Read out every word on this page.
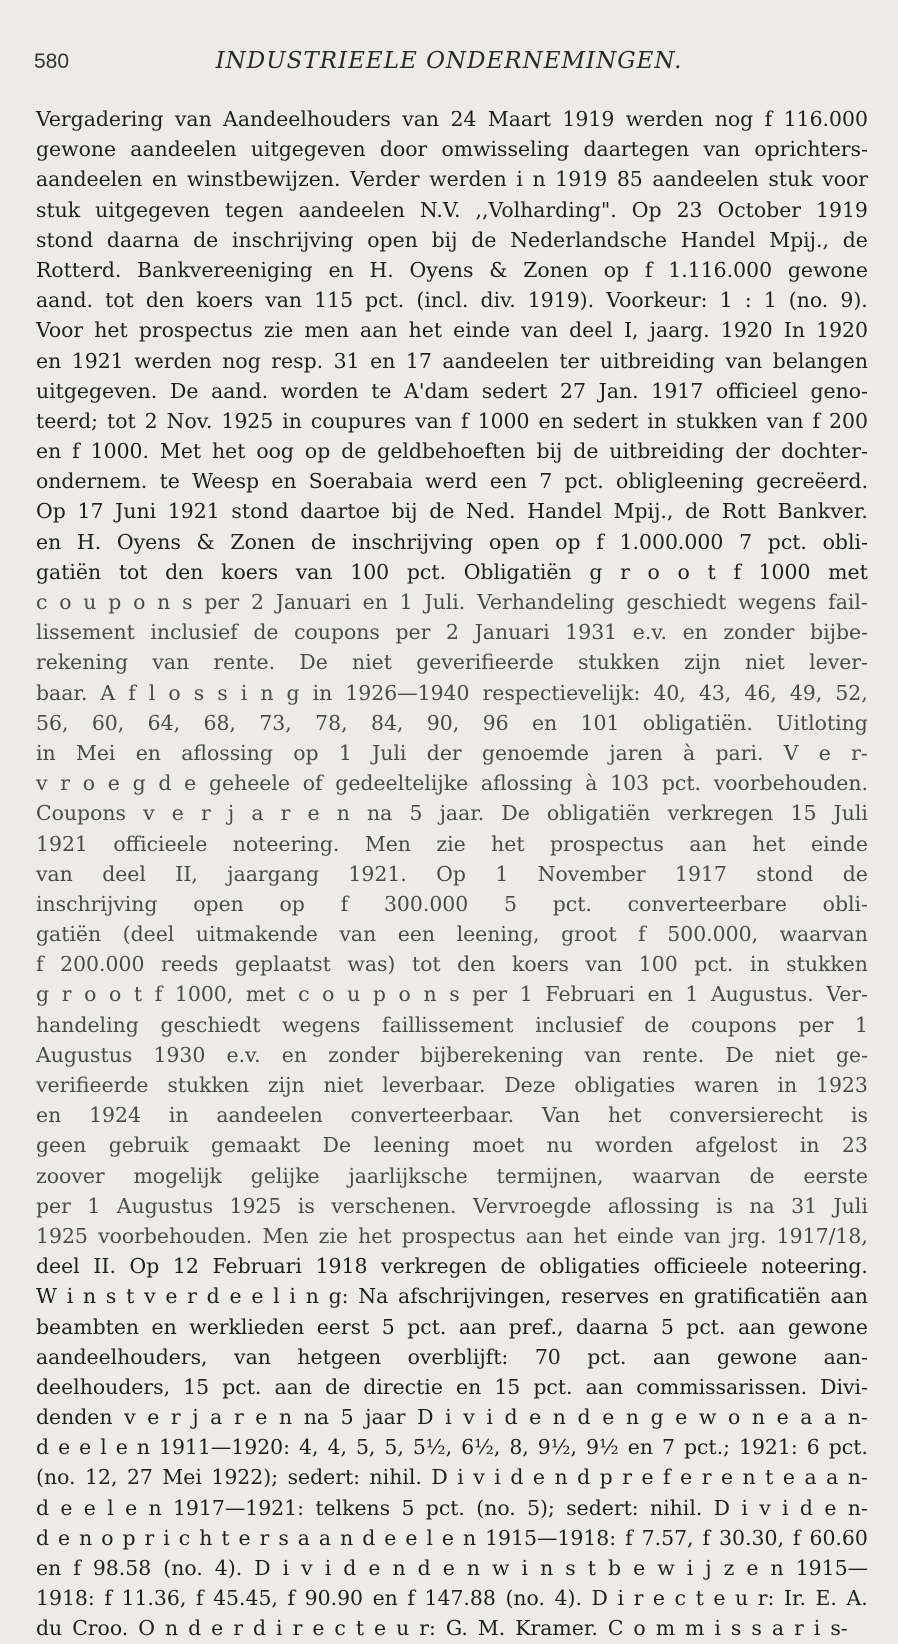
580	INDUSTRIEELE ONDERNEMINGEN.
Vergadering van Aandeelhouders van 24 Maart 1919 werden nog f 116.000
gewone aandeelen uitgegeven door omwisseling daartegen van oprichters-
aandeelen en winstbewijzen. Verder werden i n 1919 85 aandeelen stuk voor
stuk uitgegeven tegen aandeelen N.V. ,,Volharding". Op 23 October 1919
stond daarna de inschrijving open bij de Nederlandsche Handel Mpij., de
Rotterd. Bankvereeniging en H. Oyens & Zonen op f 1.116.000 gewone
aand. tot den koers van 115 pct. (incl. div. 1919). Voorkeur: 1 : 1 (no. 9).
Voor het prospectus zie men aan het einde van deel I, jaarg. 1920 In 1920
en 1921 werden nog resp. 31 en 17 aandeelen ter uitbreiding van belangen
uitgegeven. De aand. worden te A'dam sedert 27 Jan. 1917 officieel geno-
teerd; tot 2 Nov. 1925 in coupures van f 1000 en sedert in stukken van f 200
en f 1000. Met het oog op de geldbehoeften bij de uitbreiding der dochter-
ondernem. te Weesp en Soerabaia werd een 7 pct. obligleening gecreëerd.
Op 17 Juni 1921 stond daartoe bij de Ned. Handel Mpij., de Rott Bankver.
en H. Oyens & Zonen de inschrijving open op f 1.000.000 7 pct. obli-
gatiën tot den koers van 100 pct. Obligatiën g r o o t f 1000 met
c o u p o n s per 2 Januari en 1 Juli. Verhandeling geschiedt wegens fail-
lissement inclusief de coupons per 2 Januari 1931 e.v. en zonder bijbe-
rekening van rente. De niet geverifieerde stukken zijn niet lever-
baar. A f l o s s i n g in 1926—1940 respectievelijk: 40, 43, 46, 49, 52,
56, 60, 64, 68, 73, 78, 84, 90, 96 en 101 obligatiën. Uitloting
in Mei en aflossing op 1 Juli der genoemde jaren à pari. V e r-
v r o e g d e geheele of gedeeltelijke aflossing à 103 pct. voorbehouden.
Coupons v e r j a r e n na 5 jaar. De obligatiën verkregen 15 Juli
1921 officieele noteering. Men zie het prospectus aan het einde
van deel II, jaargang 1921. Op 1 November 1917 stond de
inschrijving open op f 300.000 5 pct. converteerbare obli-
gatiën (deel uitmakende van een leening, groot f 500.000, waarvan
f 200.000 reeds geplaatst was) tot den koers van 100 pct. in stukken
g r o o t f 1000, met c o u p o n s per 1 Februari en 1 Augustus. Ver-
handeling geschiedt wegens faillissement inclusief de coupons per 1
Augustus 1930 e.v. en zonder bijberekening van rente. De niet ge-
verifieerde stukken zijn niet leverbaar. Deze obligaties waren in 1923
en 1924 in aandeelen converteerbaar. Van het conversierecht is
geen gebruik gemaakt De leening moet nu worden afgelost in 23
zoover mogelijk gelijke jaarlijksche termijnen, waarvan de eerste
per 1 Augustus 1925 is verschenen. Vervroegde aflossing is na 31 Juli
1925 voorbehouden. Men zie het prospectus aan het einde van jrg. 1917/18,
deel II. Op 12 Februari 1918 verkregen de obligaties officieele noteering.
W i n s t v e r d e e l i n g: Na afschrijvingen, reserves en gratificatiën aan
beambten en werklieden eerst 5 pct. aan pref., daarna 5 pct. aan gewone
aandeelhouders, van hetgeen overblijft: 70 pct. aan gewone aan-
deelhouders, 15 pct. aan de directie en 15 pct. aan commissarissen. Divi-
denden v e r j a r e n na 5 jaar D i v i d e n d e n g e w o n e a a n-
d e e l e n 1911—1920: 4, 4, 5, 5, 5½, 6½, 8, 9½, 9½ en 7 pct.; 1921: 6 pct.
(no. 12, 27 Mei 1922); sedert: nihil. D i v i d e n d p r e f e r e n t e a a n-
d e e l e n 1917—1921: telkens 5 pct. (no. 5); sedert: nihil. D i v i d e n-
d e n o p r i c h t e r s a a n d e e l e n 1915—1918: f 7.57, f 30.30, f 60.60
en f 98.58 (no. 4). D i v i d e n d e n w i n s t b e w i j z e n 1915—
1918: f 11.36, f 45.45, f 90.90 en f 147.88 (no. 4). D i r e c t e u r: Ir. E. A.
du Croo. O n d e r d i r e c t e u r: G. M. Kramer. C o m m i s s a r i s-
